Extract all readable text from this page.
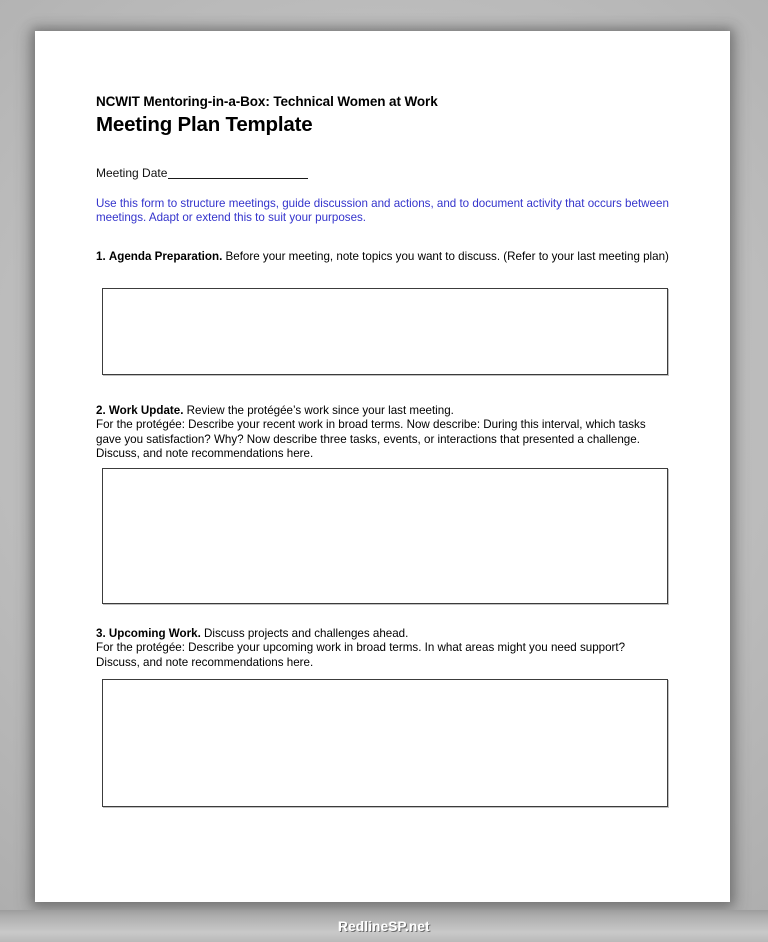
NCWIT Mentoring-in-a-Box: Technical Women at Work
Meeting Plan Template
Meeting Date
Use this form to structure meetings, guide discussion and actions, and to document activity that occurs between meetings. Adapt or extend this to suit your purposes.
1. Agenda Preparation. Before your meeting, note topics you want to discuss. (Refer to your last meeting plan)
2. Work Update. Review the protégée’s work since your last meeting.
For the protégée: Describe your recent work in broad terms. Now describe: During this interval, which tasks gave you satisfaction? Why? Now describe three tasks, events, or interactions that presented a challenge. Discuss, and note recommendations here.
3. Upcoming Work. Discuss projects and challenges ahead.
For the protégée: Describe your upcoming work in broad terms. In what areas might you need support? Discuss, and note recommendations here.
RedlineSP.net
